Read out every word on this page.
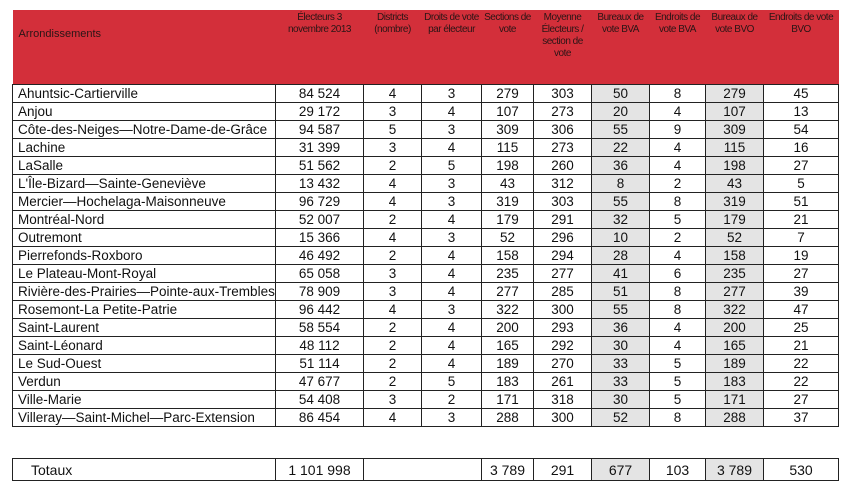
Arrondissements	Électeurs 3 novembre 2013	Districts (nombre)	Droits de vote par électeur	Sections de vote	Moyenne Électeurs / section de vote	Bureaux de vote BVA	Endroits de vote BVA	Bureaux de vote BVO	Endroits de vote BVO
Ahuntsic-Cartierville	84 524	4	3	279	303	50	8	279	45
Anjou	29 172	3	4	107	273	20	4	107	13
Côte-des-Neiges—Notre-Dame-de-Grâce	94 587	5	3	309	306	55	9	309	54
Lachine	31 399	3	4	115	273	22	4	115	16
LaSalle	51 562	2	5	198	260	36	4	198	27
L'Île-Bizard—Sainte-Geneviève	13 432	4	3	43	312	8	2	43	5
Mercier—Hochelaga-Maisonneuve	96 729	4	3	319	303	55	8	319	51
Montréal-Nord	52 007	2	4	179	291	32	5	179	21
Outremont	15 366	4	3	52	296	10	2	52	7
Pierrefonds-Roxboro	46 492	2	4	158	294	28	4	158	19
Le Plateau-Mont-Royal	65 058	3	4	235	277	41	6	235	27
Rivière-des-Prairies—Pointe-aux-Trembles	78 909	3	4	277	285	51	8	277	39
Rosemont-La Petite-Patrie	96 442	4	3	322	300	55	8	322	47
Saint-Laurent	58 554	2	4	200	293	36	4	200	25
Saint-Léonard	48 112	2	4	165	292	30	4	165	21
Le Sud-Ouest	51 114	2	4	189	270	33	5	189	22
Verdun	47 677	2	5	183	261	33	5	183	22
Ville-Marie	54 408	3	2	171	318	30	5	171	27
Villeray—Saint-Michel—Parc-Extension	86 454	4	3	288	300	52	8	288	37
Totaux	1 101 998			3 789	291	677	103	3 789	530
